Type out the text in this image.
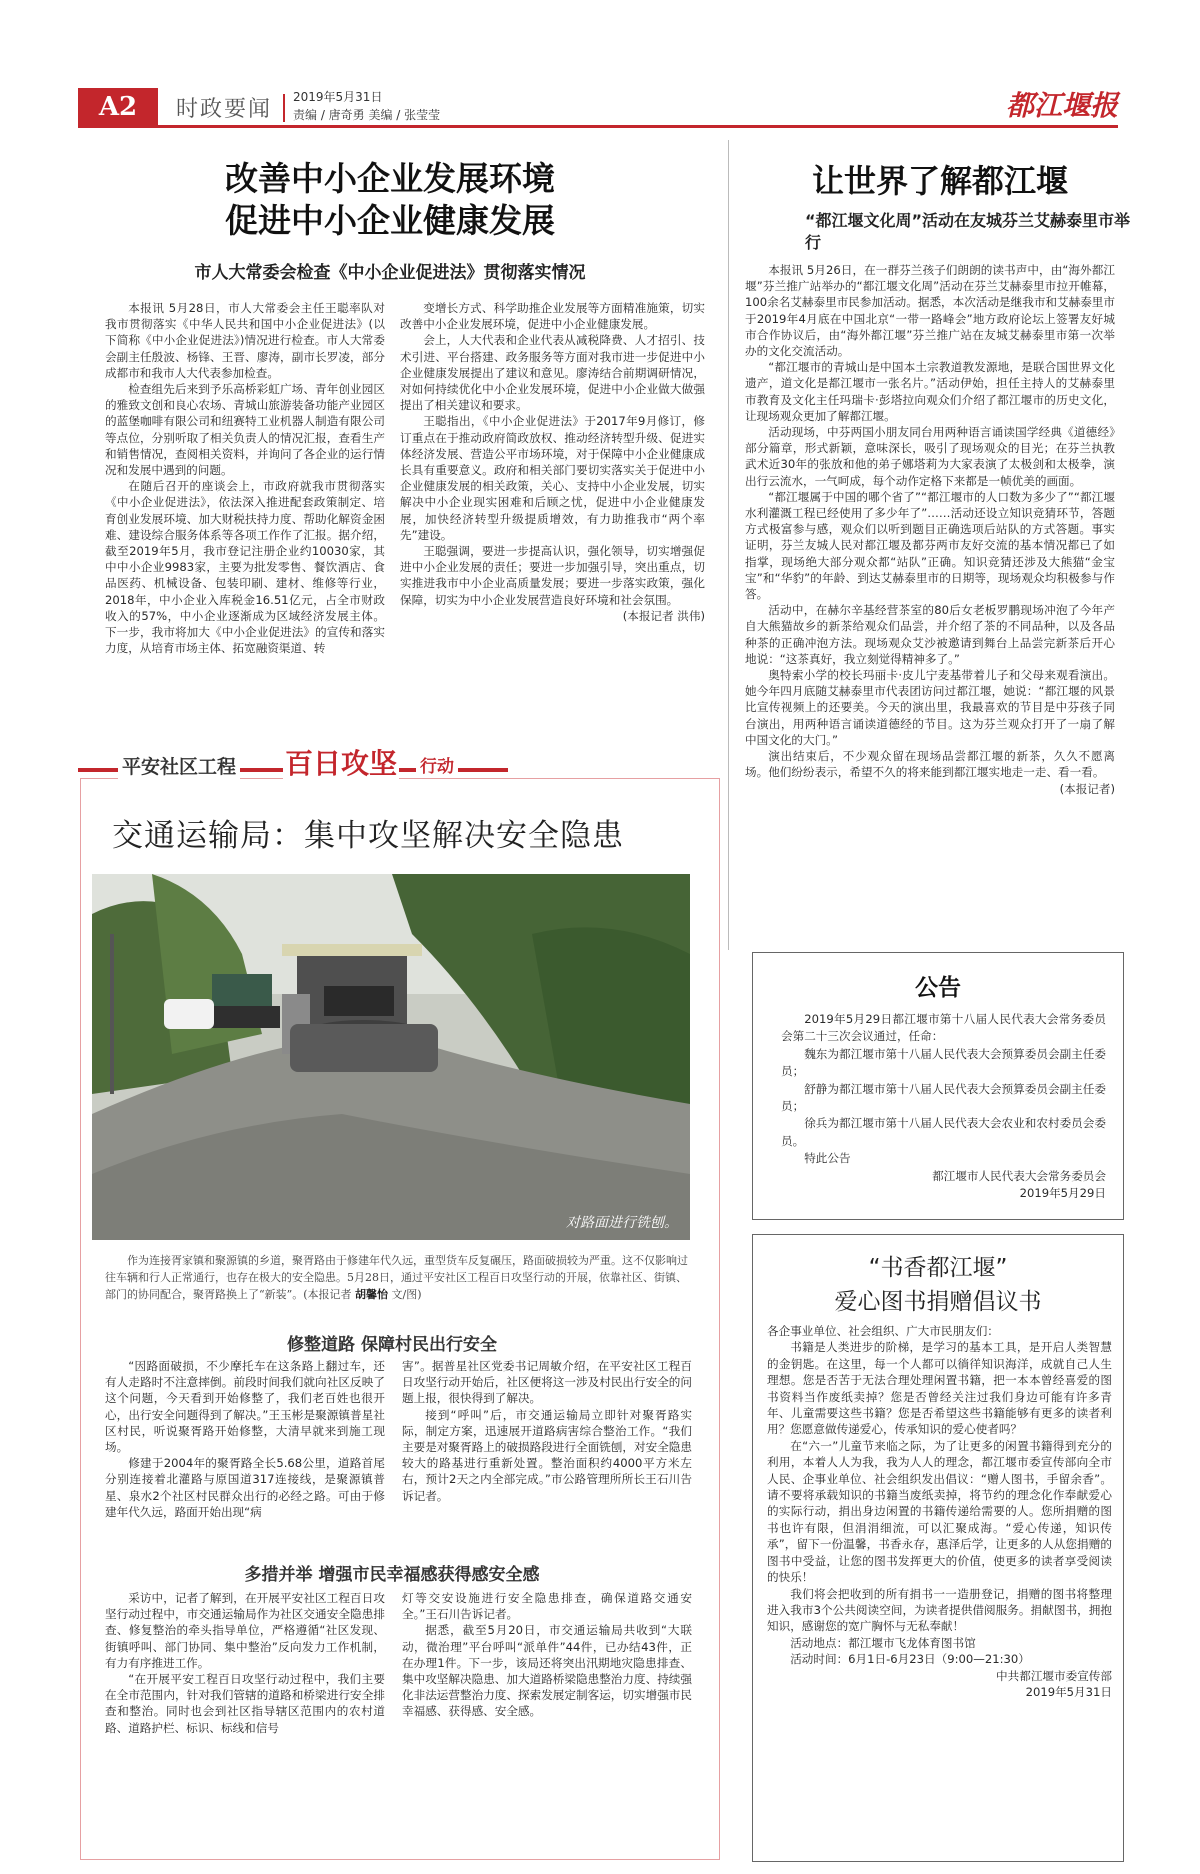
A2	时政要闻 2019年5月31日
责编 / 唐奇勇 美编 / 张莹莹	都江堰报
改善中小企业发展环境
促进中小企业健康发展
市人大常委会检查《中小企业促进法》贯彻落实情况

本报讯 5月28日，市人大常委会主任王聪率队对我市贯彻落实《中华人民共和国中小企业促进法》(以下简称《中小企业促进法》)情况进行检查。市人大常委会副主任殷波、杨锋、王晋、廖涛，副市长罗凌，部分成都市和我市人大代表参加检查。

检查组先后来到予乐高桥彩虹广场、青年创业园区的雅致文创和良心农场、青城山旅游装备功能产业园区的蓝堡咖啡有限公司和纽赛特工业机器人制造有限公司等点位，分别听取了相关负责人的情况汇报，查看生产和销售情况，查阅相关资料，并询问了各企业的运行情况和发展中遇到的问题。

在随后召开的座谈会上，市政府就我市贯彻落实《中小企业促进法》，依法深入推进配套政策制定、培育创业发展环境、加大财税扶持力度、帮助化解资金困难、建设综合服务体系等各项工作作了汇报。据介绍，截至2019年5月，我市登记注册企业约10030家，其中中小企业9983家，主要为批发零售、餐饮酒店、食品医药、机械设备、包装印刷、建材、维修等行业，2018年，中小企业入库税金16.51亿元，占全市财政收入的57%，中小企业逐渐成为区域经济发展主体。下一步，我市将加大《中小企业促进法》的宣传和落实力度，从培育市场主体、拓宽融资渠道、转

变增长方式、科学助推企业发展等方面精准施策，切实改善中小企业发展环境，促进中小企业健康发展。

会上，人大代表和企业代表从减税降费、人才招引、技术引进、平台搭建、政务服务等方面对我市进一步促进中小企业健康发展提出了建议和意见。廖涛结合前期调研情况，对如何持续优化中小企业发展环境，促进中小企业做大做强提出了相关建议和要求。

王聪指出，《中小企业促进法》于2017年9月修订，修订重点在于推动政府简政放权、推动经济转型升级、促进实体经济发展、营造公平市场环境，对于保障中小企业健康成长具有重要意义。政府和相关部门要切实落实关于促进中小企业健康发展的相关政策，关心、支持中小企业发展，切实解决中小企业现实困难和后顾之忧，促进中小企业健康发展，加快经济转型升级提质增效，有力助推我市“两个率先”建设。

王聪强调，要进一步提高认识，强化领导，切实增强促进中小企业发展的责任；要进一步加强引导，突出重点，切实推进我市中小企业高质量发展；要进一步落实政策，强化保障，切实为中小企业发展营造良好环境和社会氛围。

(本报记者 洪伟)

让世界了解都江堰
“都江堰文化周”活动在友城芬兰艾赫泰里市举行

本报讯 5月26日，在一群芬兰孩子们朗朗的读书声中，由“海外都江堰”芬兰推广站举办的“都江堰文化周”活动在芬兰艾赫泰里市拉开帷幕，100余名艾赫泰里市民参加活动。据悉，本次活动是继我市和艾赫泰里市于2019年4月底在中国北京“一带一路峰会”地方政府论坛上签署友好城市合作协议后，由“海外都江堰”芬兰推广站在友城艾赫泰里市第一次举办的文化交流活动。

“都江堰市的青城山是中国本土宗教道教发源地，是联合国世界文化遗产，道文化是都江堰市一张名片。”活动伊始，担任主持人的艾赫泰里市教育及文化主任玛瑞卡·彭塔拉向观众们介绍了都江堰市的历史文化，让现场观众更加了解都江堰。

活动现场，中芬两国小朋友同台用两种语言诵读国学经典《道德经》部分篇章，形式新颖，意味深长，吸引了现场观众的目光；在芬兰执教武术近30年的张放和他的弟子娜塔莉为大家表演了太极剑和太极拳，演出行云流水，一气呵成，每个动作定格下来都是一帧优美的画面。

“都江堰属于中国的哪个省了”“都江堰市的人口数为多少了”“都江堰水利灌溉工程已经使用了多少年了”……活动还设立知识竞猜环节，答题方式极富参与感，观众们以听到题目正确选项后站队的方式答题。事实证明，芬兰友城人民对都江堰及都芬两市友好交流的基本情况都已了如指掌，现场绝大部分观众都“站队”正确。知识竞猜还涉及大熊猫“金宝宝”和“华豹”的年龄、到达艾赫泰里市的日期等，现场观众均积极参与作答。

活动中，在赫尔辛基经营茶室的80后女老板罗鹏现场冲泡了今年产自大熊猫故乡的新茶给观众们品尝，并介绍了茶的不同品种，以及各品种茶的正确冲泡方法。现场观众艾沙被邀请到舞台上品尝完新茶后开心地说：“这茶真好，我立刻觉得精神多了。”

奥特索小学的校长玛丽卡·皮儿宁麦基带着儿子和父母来观看演出。她今年四月底随艾赫泰里市代表团访问过都江堰，她说：“都江堰的风景比宣传视频上的还要美。今天的演出里，我最喜欢的节目是中芬孩子同台演出，用两种语言诵读道德经的节目。这为芬兰观众打开了一扇了解中国文化的大门。”

演出结束后，不少观众留在现场品尝都江堰的新茶，久久不愿离场。他们纷纷表示，希望不久的将来能到都江堰实地走一走、看一看。

(本报记者)

平安社区工程 百日攻坚 行动
交通运输局：集中攻坚解决安全隐患
对路面进行铣刨。
作为连接胥家镇和聚源镇的乡道，聚胥路由于修建年代久远，重型货车反复碾压，路面破损较为严重。这不仅影响过往车辆和行人正常通行，也存在极大的安全隐患。5月28日，通过平安社区工程百日攻坚行动的开展，依靠社区、街镇、部门的协同配合，聚胥路换上了“新装”。(本报记者 胡馨怡 文/图)
修整道路 保障村民出行安全

“因路面破损，不少摩托车在这条路上翻过车，还有人走路时不注意摔倒。前段时间我们就向社区反映了这个问题，今天看到开始修整了，我们老百姓也很开心，出行安全问题得到了解决。”王玉彬是聚源镇普星社区村民，听说聚胥路开始修整，大清早就来到施工现场。

修建于2004年的聚胥路全长5.68公里，道路首尾分别连接着北灌路与原国道317连接线，是聚源镇普星、泉水2个社区村民群众出行的必经之路。可由于修建年代久远，路面开始出现“病

害”。据普星社区党委书记周敏介绍，在平安社区工程百日攻坚行动开始后，社区便将这一涉及村民出行安全的问题上报，很快得到了解决。

接到“呼叫”后，市交通运输局立即针对聚胥路实际，制定方案，迅速展开道路病害综合整治工作。“我们主要是对聚胥路上的破损路段进行全面铣刨，对安全隐患较大的路基进行重新处置。整治面积约4000平方米左右，预计2天之内全部完成。”市公路管理所所长王石川告诉记者。

多措并举 增强市民幸福感获得感安全感

采访中，记者了解到，在开展平安社区工程百日攻坚行动过程中，市交通运输局作为社区交通安全隐患排查、修复整治的牵头指导单位，严格遵循“社区发现、街镇呼叫、部门协同、集中整治”反向发力工作机制，有力有序推进工作。

“在开展平安工程百日攻坚行动过程中，我们主要在全市范围内，针对我们管辖的道路和桥梁进行安全排查和整治。同时也会到社区指导辖区范围内的农村道路、道路护栏、标识、标线和信号

灯等交安设施进行安全隐患排查，确保道路交通安全。”王石川告诉记者。

据悉，截至5月20日，市交通运输局共收到“大联动，微治理”平台呼叫“派单件”44件，已办结43件，正在办理1件。下一步，该局还将突出汛期地灾隐患排查、集中攻坚解决隐患、加大道路桥梁隐患整治力度、持续强化非法运营整治力度、探索发展定制客运，切实增强市民幸福感、获得感、安全感。

公告

2019年5月29日都江堰市第十八届人民代表大会常务委员会第二十三次会议通过，任命：

魏东为都江堰市第十八届人民代表大会预算委员会副主任委员；

舒静为都江堰市第十八届人民代表大会预算委员会副主任委员；

徐兵为都江堰市第十八届人民代表大会农业和农村委员会委员。

特此公告

都江堰市人民代表大会常务委员会

2019年5月29日

“书香都江堰”
爱心图书捐赠倡议书

各企事业单位、社会组织、广大市民朋友们：

书籍是人类进步的阶梯，是学习的基本工具，是开启人类智慧的金钥匙。在这里，每一个人都可以徜徉知识海洋，成就自己人生理想。您是否苦于无法合理处理闲置书籍，把一本本曾经喜爱的图书资料当作废纸卖掉？您是否曾经关注过我们身边可能有许多青年、儿童需要这些书籍？您是否希望这些书籍能够有更多的读者利用？您愿意做传递爱心，传承知识的爱心使者吗？

在“六一”儿童节来临之际，为了让更多的闲置书籍得到充分的利用，本着人人为我，我为人人的理念，都江堰市委宣传部向全市人民、企事业单位、社会组织发出倡议：“赠人图书，手留余香”。请不要将承载知识的书籍当废纸卖掉，将节约的理念化作奉献爱心的实际行动，捐出身边闲置的书籍传递给需要的人。您所捐赠的图书也许有限，但涓涓细流，可以汇聚成海。“爱心传递，知识传承”，留下一份温馨，书香永存，惠泽后学，让更多的人从您捐赠的图书中受益，让您的图书发挥更大的价值，使更多的读者享受阅读的快乐！

我们将会把收到的所有捐书一一造册登记，捐赠的图书将整理进入我市3个公共阅读空间，为读者提供借阅服务。捐献图书，拥抱知识，感谢您的宽广胸怀与无私奉献！

活动地点：都江堰市飞龙体育图书馆

活动时间：6月1日-6月23日（9:00—21:30）

中共都江堰市委宣传部

2019年5月31日
